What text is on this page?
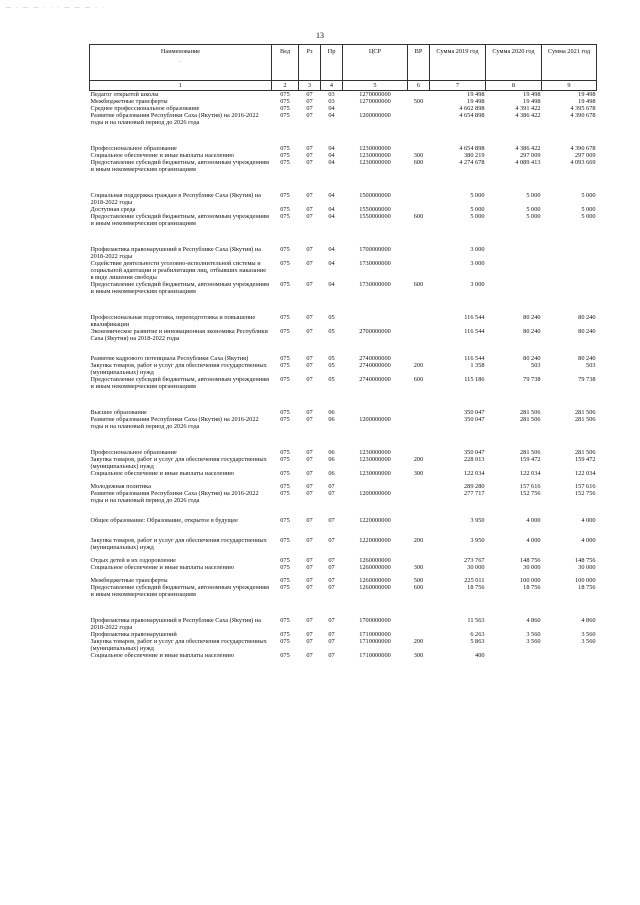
— · — — · · · — — — · ·
13
Наименование
·	Вед	Рз	Пр	ЦСР	ВР	Сумма 2019 год	Сумма 2020 год	Сумма 2021 год
1	2	3	4	5	6	7	8	9
Педагог открытой школы	075	07	03	1270000000		19 498	19 498	19 498
Межбюджетные трансферты	075	07	03	1270000000	500	19 498	19 498	19 498
Среднее профессиональное образование	075	07	04			4 662 898	4 391 422	4 395 678
Развитие образования Республики Саха (Якутия) на 2016-2022 годы и на плановый период до 2026 года	075	07	04	1200000000		4 654 898	4 386 422	4 390 678
Профессиональное образование	075	07	04	1230000000		4 654 898	4 386 422	4 390 678
Социальное обеспечение и иные выплаты населению	075	07	04	1230000000	300	380 219	297 009	297 009
Предоставление субсидий бюджетным, автономным учреждениям и иным некоммерческим организациям	075	07	04	1230000000	600	4 274 678	4 089 413	4 093 669
Социальная поддержка граждан в Республике Саха (Якутия) на 2018-2022 годы	075	07	04	1500000000		5 000	5 000	5 000
Доступная среда	075	07	04	1550000000		5 000	5 000	5 000
Предоставление субсидий бюджетным, автономным учреждениям и иным некоммерческим организациям	075	07	04	1550000000	600	5 000	5 000	5 000
Профилактика правонарушений в Республике Саха (Якутия) на 2018-2022 годы	075	07	04	1700000000		3 000		
Содействие деятельности уголовно-исполнительной системы и социальной адаптации и реабилитации лиц, отбывших наказание в виде лишения свободы	075	07	04	1730000000		3 000		
Предоставление субсидий бюджетным, автономным учреждениям и иным некоммерческим организациям	075	07	04	1730000000	600	3 000		
Профессиональная подготовка, переподготовка и повышение квалификации	075	07	05			116 544	80 240	80 240
Экономическое развитие и инновационная экономика Республики Саха (Якутия) на 2018-2022 годы	075	07	05	2700000000		116 544	80 240	80 240
Развитие кадрового потенциала Республики Саха (Якутия)	075	07	05	2740000000		116 544	80 240	80 240
Закупка товаров, работ и услуг для обеспечения государственных (муниципальных) нужд	075	07	05	2740000000	200	1 358	503	503
Предоставление субсидий бюджетным, автономным учреждениям и иным некоммерческим организациям	075	07	05	2740000000	600	115 186	79 738	79 738
Высшее образование	075	07	06			350 047	281 506	281 506
Развитие образования Республики Саха (Якутия) на 2016-2022 годы и на плановый период до 2026 года	075	07	06	1200000000		350 047	281 506	281 506
Профессиональное образование	075	07	06	1230000000		350 047	281 506	281 506
Закупка товаров, работ и услуг для обеспечения государственных (муниципальных) нужд	075	07	06	1230000000	200	228 013	159 472	159 472
Социальное обеспечение и иные выплаты населению	075	07	06	1230000000	300	122 034	122 034	122 034
Молодежная политика	075	07	07			289 280	157 616	157 616
Развитие образования Республики Саха (Якутия) на 2016-2022 годы и на плановый период до 2026 года	075	07	07	1200000000		277 717	152 756	152 756
Общее образование: Образование, открытое в будущее	075	07	07	1220000000		3 950	4 000	4 000
Закупка товаров, работ и услуг для обеспечения государственных (муниципальных) нужд	075	07	07	1220000000	200	3 950	4 000	4 000
Отдых детей и их оздоровление	075	07	07	1260000000		273 767	148 756	148 756
Социальное обеспечение и иные выплаты населению	075	07	07	1260000000	300	30 000	30 000	30 000
Межбюджетные трансферты	075	07	07	1260000000	500	225 011	100 000	100 000
Предоставление субсидий бюджетным, автономным учреждениям и иным некоммерческим организациям	075	07	07	1260000000	600	18 756	18 756	18 756
Профилактика правонарушений в Республике Саха (Якутия) на 2018-2022 годы	075	07	07	1700000000		11 563	4 860	4 860
Профилактика правонарушений	075	07	07	1710000000		6 263	3 560	3 560
Закупка товаров, работ и услуг для обеспечения государственных (муниципальных) нужд	075	07	07	1710000000	200	5 863	3 560	3 560
Социальное обеспечение и иные выплаты населению	075	07	07	1710000000	300	400		
